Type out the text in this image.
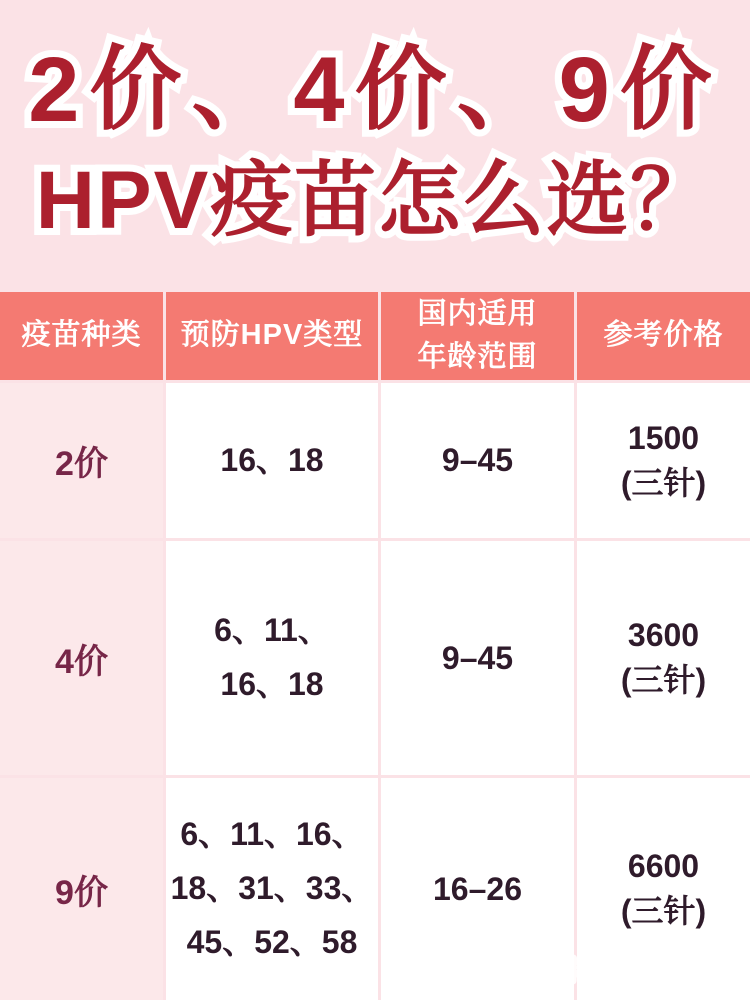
2价、4价、9价 2价、4价、9价
HPV疫苗怎么选？ HPV疫苗怎么选？
疫苗种类 预防HPV类型
国内适用
年龄范围
参考价格
2价	16、18	9–45
1500
(三针)
4价
6、11、
16、18
9–45
3600
(三针)
9价
6、11、16、
18、31、33、
45、52、58
16–26
6600
(三针)
du @健康生活咨询家
